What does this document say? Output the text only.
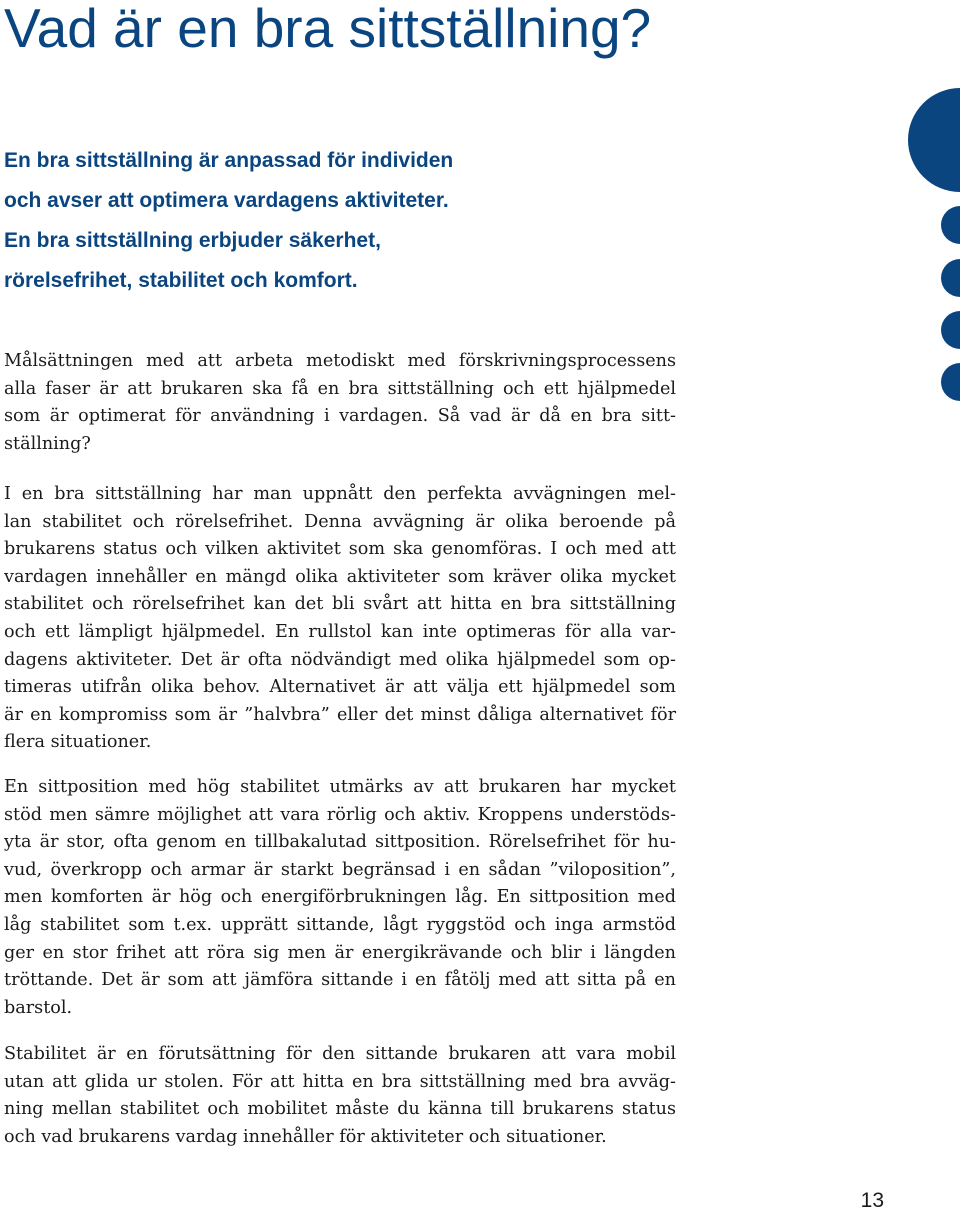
Vad är en bra sittställning?
En bra sittställning är anpassad för individen
och avser att optimera vardagens aktiviteter.
En bra sittställning erbjuder säkerhet,
rörelsefrihet, stabilitet och komfort.
Målsättningen med att arbeta metodiskt med förskrivningsprocessens
alla faser är att brukaren ska få en bra sittställning och ett hjälpmedel
som är optimerat för användning i vardagen. Så vad är då en bra sitt-
ställning?
I en bra sittställning har man uppnått den perfekta avvägningen mel-
lan stabilitet och rörelsefrihet. Denna avvägning är olika beroende på
brukarens status och vilken aktivitet som ska genomföras. I och med att
vardagen innehåller en mängd olika aktiviteter som kräver olika mycket
stabilitet och rörelsefrihet kan det bli svårt att hitta en bra sittställning
och ett lämpligt hjälpmedel. En rullstol kan inte optimeras för alla var-
dagens aktiviteter. Det är ofta nödvändigt med olika hjälpmedel som op-
timeras utifrån olika behov. Alternativet är att välja ett hjälpmedel som
är en kompromiss som är ”halvbra” eller det minst dåliga alternativet för
flera situationer.
En sittposition med hög stabilitet utmärks av att brukaren har mycket
stöd men sämre möjlighet att vara rörlig och aktiv. Kroppens understöds-
yta är stor, ofta genom en tillbakalutad sittposition. Rörelsefrihet för hu-
vud, överkropp och armar är starkt begränsad i en sådan ”viloposition”,
men komforten är hög och energiförbrukningen låg. En sittposition med
låg stabilitet som t.ex. upprätt sittande, lågt ryggstöd och inga armstöd
ger en stor frihet att röra sig men är energikrävande och blir i längden
tröttande. Det är som att jämföra sittande i en fåtölj med att sitta på en
barstol.
Stabilitet är en förutsättning för den sittande brukaren att vara mobil
utan att glida ur stolen. För att hitta en bra sittställning med bra avväg-
ning mellan stabilitet och mobilitet måste du känna till brukarens status
och vad brukarens vardag innehåller för aktiviteter och situationer.
13
